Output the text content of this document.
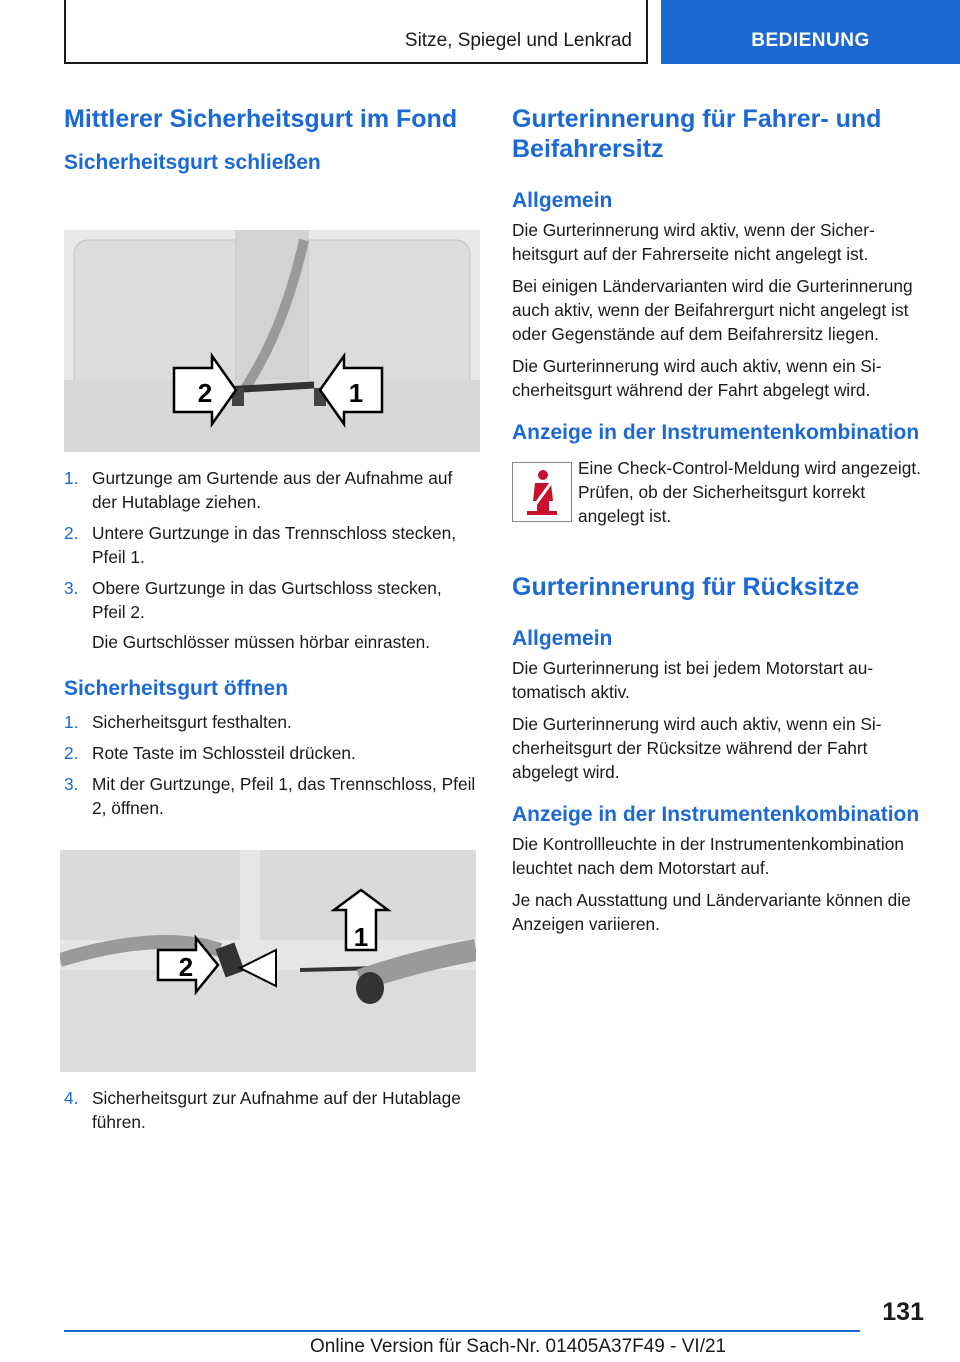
Sitze, Spiegel und Lenkrad	BEDIENUNG
Mittlerer Sicherheitsgurt im Fond
Sicherheitsgurt schließen
2	1
1. Gurtzunge am Gurtende aus der Aufnahme auf der Hutablage ziehen.
2. Untere Gurtzunge in das Trennschloss stecken, Pfeil 1.
3. Obere Gurtzunge in das Gurtschloss stecken, Pfeil 2.
Die Gurtschlösser müssen hörbar einrasten.
Sicherheitsgurt öffnen
1. Sicherheitsgurt festhalten.
2. Rote Taste im Schlossteil drücken.
3. Mit der Gurtzunge, Pfeil 1, das Trennschloss, Pfeil 2, öffnen.
2
1
4. Sicherheitsgurt zur Aufnahme auf der Hutablage führen.
Gurterinnerung für Fahrer- und Beifahrersitz
Allgemein

Die Gurterinnerung wird aktiv, wenn der Sicherheitsgurt auf der Fahrerseite nicht angelegt ist.

Bei einigen Ländervarianten wird die Gurterinnerung auch aktiv, wenn der Beifahrergurt nicht angelegt ist oder Gegenstände auf dem Beifahrersitz liegen.

Die Gurterinnerung wird auch aktiv, wenn ein Sicherheitsgurt während der Fahrt abgelegt wird.

Anzeige in der Instrumentenkombination

Eine Check-Control-Meldung wird angezeigt. Prüfen, ob der Sicherheitsgurt korrekt angelegt ist.

Gurterinnerung für Rücksitze
Allgemein

Die Gurterinnerung ist bei jedem Motorstart automatisch aktiv.

Die Gurterinnerung wird auch aktiv, wenn ein Sicherheitsgurt der Rücksitze während der Fahrt abgelegt wird.

Anzeige in der Instrumentenkombination

Die Kontrollleuchte in der Instrumentenkombination leuchtet nach dem Motorstart auf.

Je nach Ausstattung und Ländervariante können die Anzeigen variieren.

131
Online Version für Sach-Nr. 01405A37F49 - VI/21
